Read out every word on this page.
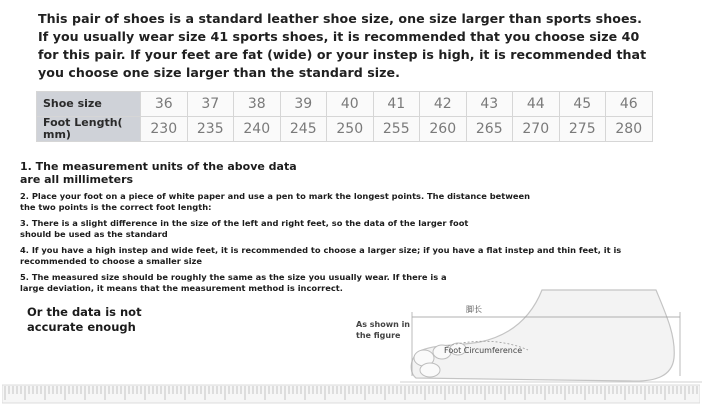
This pair of shoes is a standard leather shoe size, one size larger than sports shoes. If you usually wear size 41 sports shoes, it is recommended that you choose size 40 for this pair. If your feet are fat (wide) or your instep is high, it is recommended that you choose one size larger than the standard size.
Shoe size	36	37	38	39	40	41	42	43	44	45	46
Foot Length( mm)	230	235	240	245	250	255	260	265	270	275	280
1. The measurement units of the above data are all millimeters
2. Place your foot on a piece of white paper and use a pen to mark the longest points. The distance between the two points is the correct foot length:
3. There is a slight difference in the size of the left and right feet, so the data of the larger foot should be used as the standard
4. If you have a high instep and wide feet, it is recommended to choose a larger size; if you have a flat instep and thin feet, it is recommended to choose a smaller size
5. The measured size should be roughly the same as the size you usually wear. If there is a large deviation, it means that the measurement method is incorrect.
Or the data is not accurate enough	As shown in the figure
脚长
Foot Circumference
